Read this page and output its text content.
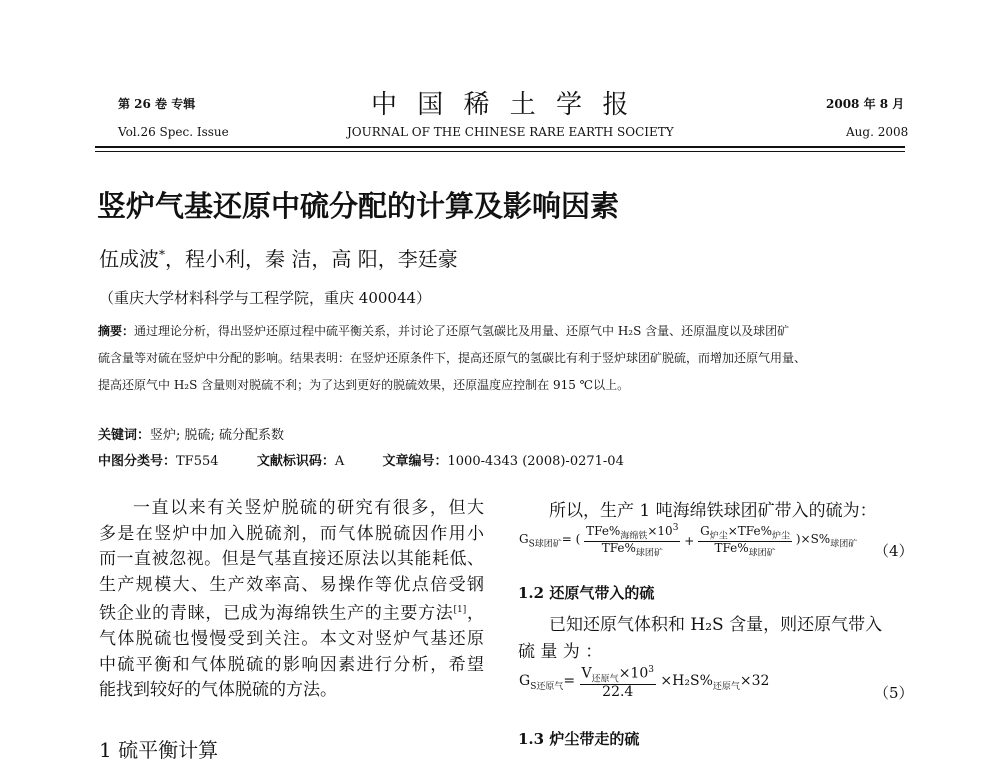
第 26 卷 专辑
Vol.26 Spec. Issue
中 国 稀 土 学 报
JOURNAL OF THE CHINESE RARE EARTH SOCIETY
2008 年 8 月
Aug. 2008
竖炉气基还原中硫分配的计算及影响因素
伍成波*，程小利，秦 洁，高 阳，李廷豪
（重庆大学材料科学与工程学院，重庆 400044）
摘要：通过理论分析，得出竖炉还原过程中硫平衡关系，并讨论了还原气氢碳比及用量、还原气中 H₂S 含量、还原温度以及球团矿
硫含量等对硫在竖炉中分配的影响。结果表明：在竖炉还原条件下，提高还原气的氢碳比有利于竖炉球团矿脱硫，而增加还原气用量、
提高还原气中 H₂S 含量则对脱硫不利；为了达到更好的脱硫效果，还原温度应控制在 915 ℃以上。
关键词：竖炉; 脱硫; 硫分配系数
中图分类号：TF554	文献标识码：A	文章编号：1000-4343 (2008)-0271-04
一直以来有关竖炉脱硫的研究有很多，但大
多是在竖炉中加入脱硫剂，而气体脱硫因作用小
而一直被忽视。但是气基直接还原法以其能耗低、
生产规模大、生产效率高、易操作等优点倍受钢
铁企业的青睐，已成为海绵铁生产的主要方法[1]，
气体脱硫也慢慢受到关注。本文对竖炉气基还原
中硫平衡和气体脱硫的影响因素进行分析，希望
能找到较好的气体脱硫的方法。
1 硫平衡计算
所以，生产 1 吨海绵铁球团矿带入的硫为：
$G_{S球团矿}=$ ( $\frac{TFe\%_{海绵铁}\times 10^3}{TFe\%_{球团矿}} + \frac{G_{炉尘}\times TFe\%_{炉尘}}{TFe\%_{球团矿}} )\times S\%_{球团矿}$ （4）
1.2 还原气带入的硫
已知还原气体积和 H₂S 含量，则还原气带入
硫 量 为 ：
$G_{S还原气}= \frac{V_{还原气}\times 10^3}{22.4} \times H_2S\%_{还原气}\times 32$
（5）
1.3 炉尘带走的硫
